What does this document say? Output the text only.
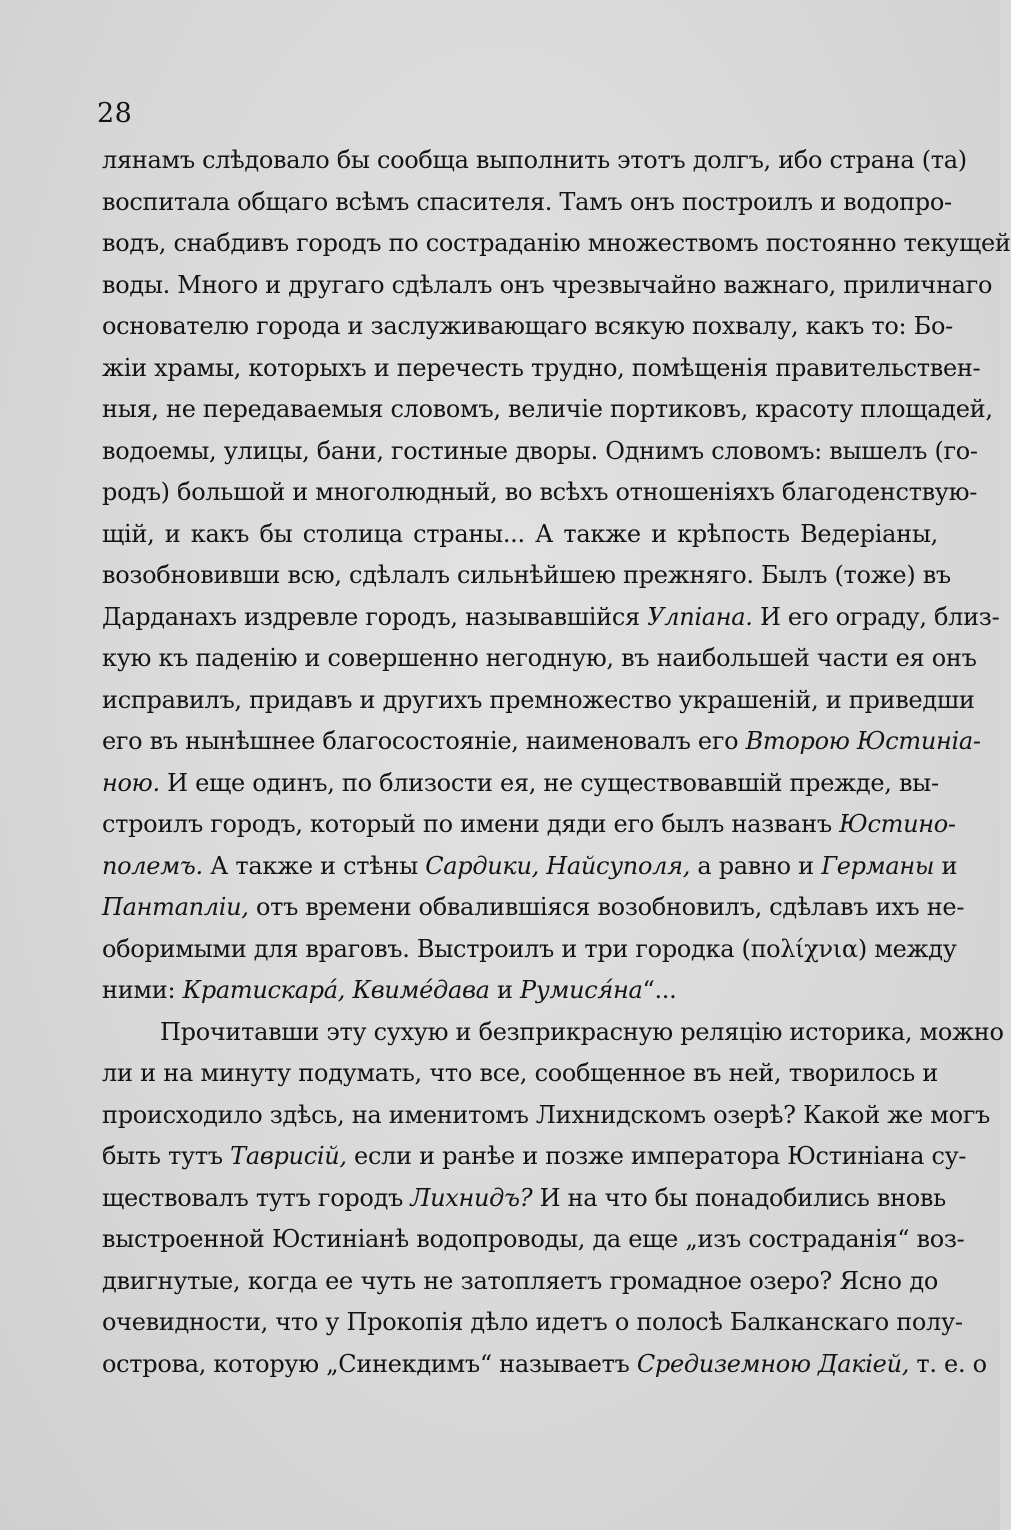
28
лянамъ слѣдовало бы сообща выполнить этотъ долгъ, ибо страна (та)
воспитала общаго всѣмъ спасителя. Тамъ онъ построилъ и водопро-
водъ, снабдивъ городъ по состраданію множествомъ постоянно текущей
воды. Много и другаго сдѣлалъ онъ чрезвычайно важнаго, приличнаго
основателю города и заслуживающаго всякую похвалу, какъ то: Бо-
жіи храмы, которыхъ и перечесть трудно, помѣщенія правительствен-
ныя, не передаваемыя словомъ, величіе портиковъ, красоту площадей,
водоемы, улицы, бани, гостиные дворы. Однимъ словомъ: вышелъ (го-
родъ) большой и многолюдный, во всѣхъ отношеніяхъ благоденствую-
щій, и какъ бы столица страны... А также и крѣпость Ведеріаны,
возобновивши всю, сдѣлалъ сильнѣйшею прежняго. Былъ (тоже) въ
Дарданахъ издревле городъ, называвшійся Улпіана. И его ограду, близ-
кую къ паденію и совершенно негодную, въ наибольшей части ея онъ
исправилъ, придавъ и другихъ премножество украшеній, и приведши
его въ нынѣшнее благосостояніе, наименовалъ его Второю Юстиніа-
ною. И еще одинъ, по близости ея, не существовавшій прежде, вы-
строилъ городъ, который по имени дяди его былъ названъ Юстино-
полемъ. А также и стѣны Сардики, Найсуполя, а равно и Германы и
Пантапліи, отъ времени обвалившіяся возобновилъ, сдѣлавъ ихъ не-
оборимыми для враговъ. Выстроилъ и три городка (πολίχνια) между
ними: Кратискара́, Квиме́дава и Румися́на“...
Прочитавши эту сухую и безприкрасную реляцію историка, можно
ли и на минуту подумать, что все, сообщенное въ ней, творилось и
происходило здѣсь, на именитомъ Лихнидскомъ озерѣ? Какой же могъ
быть тутъ Таврисій, если и ранѣе и позже императора Юстиніана су-
ществовалъ тутъ городъ Лихнидъ? И на что бы понадобились вновь
выстроенной Юстиніанѣ водопроводы, да еще „изъ состраданія“ воз-
двигнутые, когда ее чуть не затопляетъ громадное озеро? Ясно до
очевидности, что у Прокопія дѣло идетъ о полосѣ Балканскаго полу-
острова, которую „Синекдимъ“ называетъ Средиземною Дакіей, т. е. о
